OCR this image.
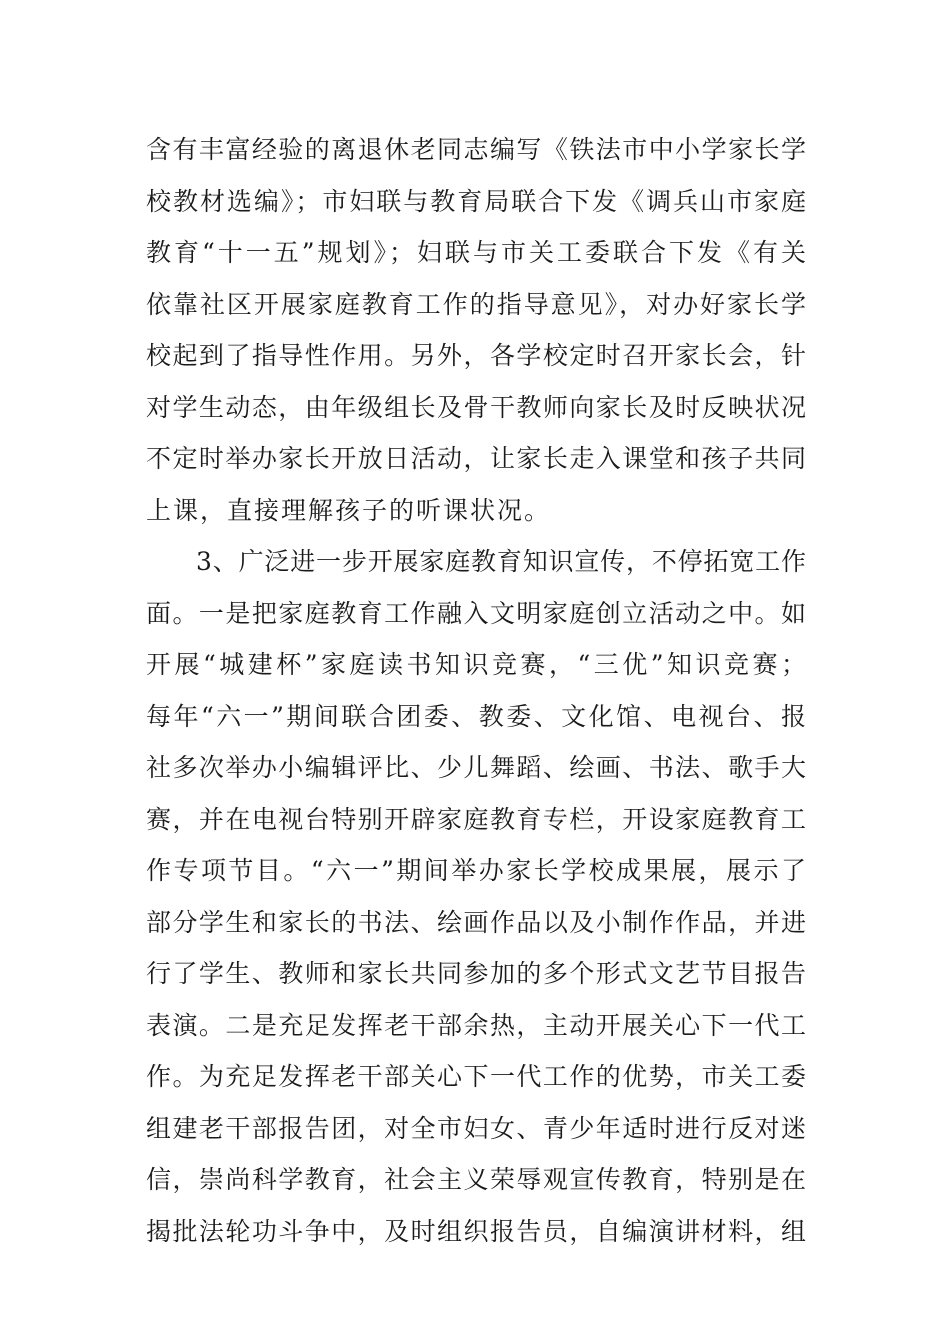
含有丰富经验的离退休老同志编写《铁法市中小学家长学
校教材选编》；市妇联与教育局联合下发《调兵山市家庭
教育“十一五”规划》；妇联与市关工委联合下发《有关
依靠社区开展家庭教育工作的指导意见》，对办好家长学
校起到了指导性作用。另外，各学校定时召开家长会，针
对学生动态，由年级组长及骨干教师向家长及时反映状况
不定时举办家长开放日活动，让家长走入课堂和孩子共同
上课，直接理解孩子的听课状况。
3、广泛进一步开展家庭教育知识宣传，不停拓宽工作
面。一是把家庭教育工作融入文明家庭创立活动之中。如
开展“城建杯”家庭读书知识竞赛，“三优”知识竞赛；
每年“六一”期间联合团委、教委、文化馆、电视台、报
社多次举办小编辑评比、少儿舞蹈、绘画、书法、歌手大
赛，并在电视台特别开辟家庭教育专栏，开设家庭教育工
作专项节目。“六一”期间举办家长学校成果展，展示了
部分学生和家长的书法、绘画作品以及小制作作品，并进
行了学生、教师和家长共同参加的多个形式文艺节目报告
表演。二是充足发挥老干部余热，主动开展关心下一代工
作。为充足发挥老干部关心下一代工作的优势，市关工委
组建老干部报告团，对全市妇女、青少年适时进行反对迷
信，崇尚科学教育，社会主义荣辱观宣传教育，特别是在
揭批法轮功斗争中，及时组织报告员，自编演讲材料，组
